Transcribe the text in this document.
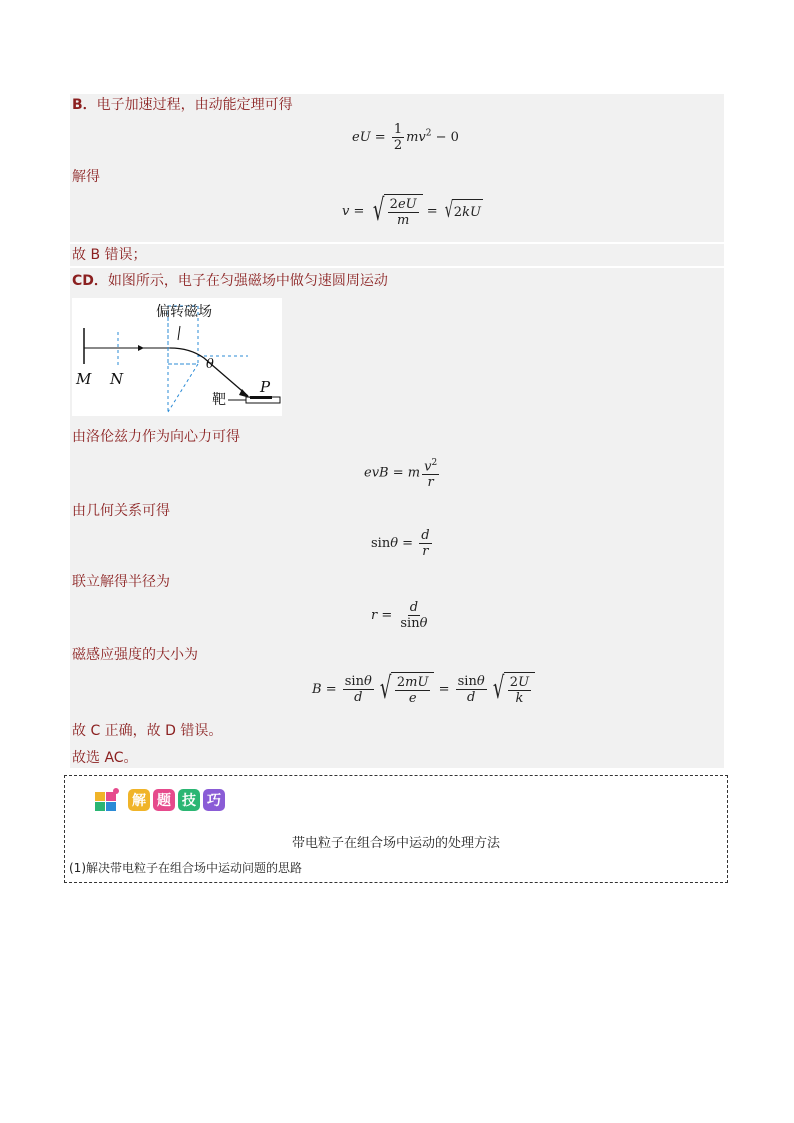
B．电子加速过程，由动能定理可得
eU = $\frac{1}{2} mv^2 - 0$
解得
v = √ $\frac{2eU}{m}$ = √ 2 kU
故 B 错误；
CD．如图所示，电子在匀强磁场中做匀速圆周运动
偏转磁场
M N	P
θ
靶
由洛伦兹力作为向心力可得
evB = m $\frac{v^2}{r}$
由几何关系可得
$\sin\theta = \frac{d}{r}$
联立解得半径为
$r = \frac{d}{\sin\theta}$
磁感应强度的大小为
$B = \frac{\sin\theta}{d}$ √ $\frac{2mU}{e} = \frac{\sin\theta}{d}$ √ $\frac{2U}{k}$
故 C 正确，故 D 错误。
故选 AC。
解 题 技 巧
带电粒子在组合场中运动的处理方法
(1)解决带电粒子在组合场中运动问题的思路
